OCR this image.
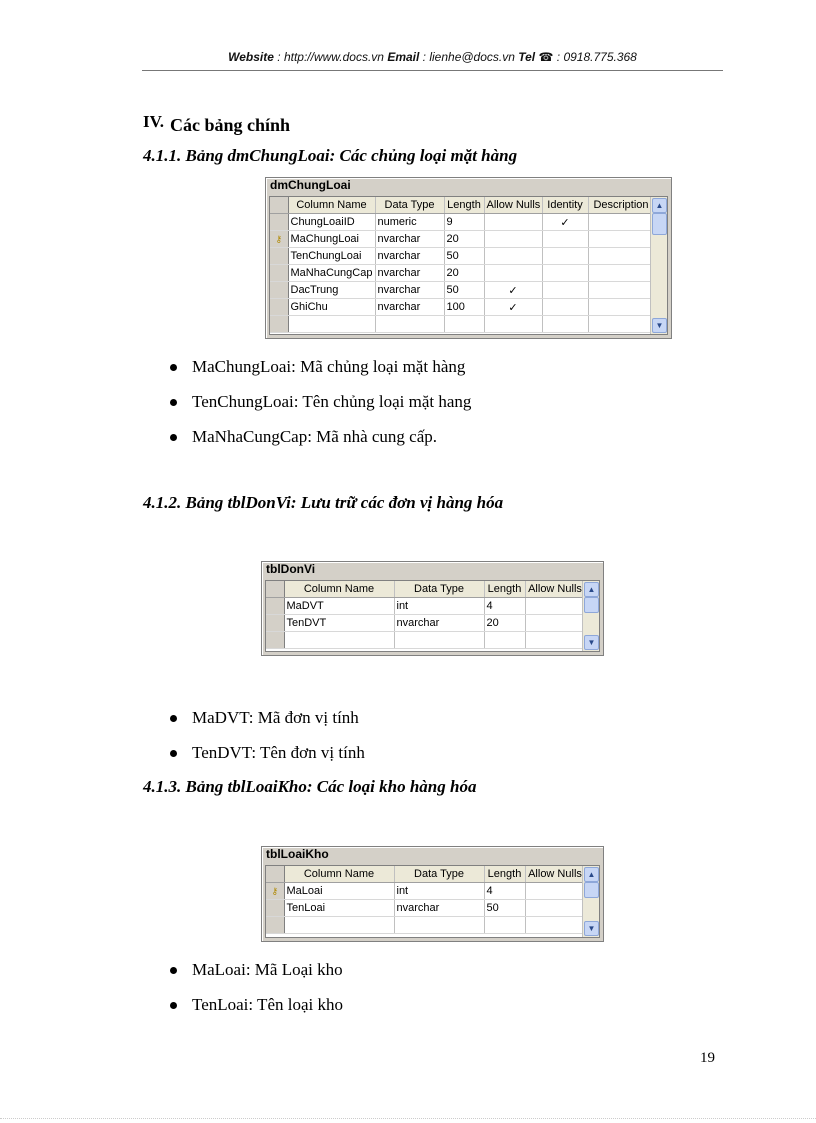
Website : http://www.docs.vn Email : lienhe@docs.vn Tel ☎ : 0918.775.368
IV. Các bảng chính
4.1.1. Bảng dmChungLoai: Các chủng loại mặt hàng
dmChungLoai
	Column Name	Data Type	Length	Allow Nulls	Identity	Description
	ChungLoaiID	numeric	9		✓	
⚷	MaChungLoai	nvarchar	20			
	TenChungLoai	nvarchar	50			
	MaNhaCungCap	nvarchar	20			
	DacTrung	nvarchar	50	✓		
	GhiChu	nvarchar	100	✓		

▲
▼
MaChungLoai: Mã chủng loại mặt hàng
TenChungLoai: Tên chủng loại mặt hang
MaNhaCungCap: Mã nhà cung cấp.
4.1.2. Bảng tblDonVi: Lưu trữ các đơn vị hàng hóa
tblDonVi
	Column Name	Data Type	Length	Allow Nulls
	MaDVT	int	4	
	TenDVT	nvarchar	20	

▲
▼
MaDVT: Mã đơn vị tính
TenDVT: Tên đơn vị tính
4.1.3. Bảng tblLoaiKho: Các loại kho hàng hóa
tblLoaiKho
	Column Name	Data Type	Length	Allow Nulls
⚷	MaLoai	int	4	
	TenLoai	nvarchar	50	

▲
▼
MaLoai: Mã Loại kho
TenLoai: Tên loại kho
19
